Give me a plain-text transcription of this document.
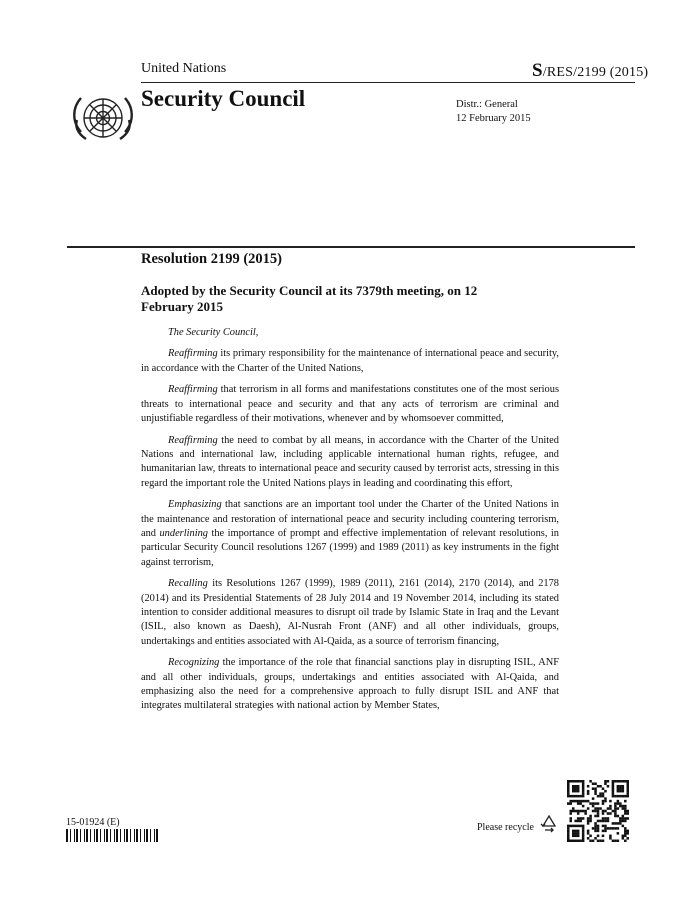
United Nations	S/RES/2199 (2015)
Security Council	Distr.: General
12 February 2015
Resolution 2199 (2015)
Adopted by the Security Council at its 7379th meeting, on 12 February 2015

The Security Council,

Reaffirming its primary responsibility for the maintenance of international peace and security, in accordance with the Charter of the United Nations,

Reaffirming that terrorism in all forms and manifestations constitutes one of the most serious threats to international peace and security and that any acts of terrorism are criminal and unjustifiable regardless of their motivations, whenever and by whomsoever committed,

Reaffirming the need to combat by all means, in accordance with the Charter of the United Nations and international law, including applicable international human rights, refugee, and humanitarian law, threats to international peace and security caused by terrorist acts, stressing in this regard the important role the United Nations plays in leading and coordinating this effort,

Emphasizing that sanctions are an important tool under the Charter of the United Nations in the maintenance and restoration of international peace and security including countering terrorism, and underlining the importance of prompt and effective implementation of relevant resolutions, in particular Security Council resolutions 1267 (1999) and 1989 (2011) as key instruments in the fight against terrorism,

Recalling its Resolutions 1267 (1999), 1989 (2011), 2161 (2014), 2170 (2014), and 2178 (2014) and its Presidential Statements of 28 July 2014 and 19 November 2014, including its stated intention to consider additional measures to disrupt oil trade by Islamic State in Iraq and the Levant (ISIL, also known as Daesh), Al-Nusrah Front (ANF) and all other individuals, groups, undertakings and entities associated with Al-Qaida, as a source of terrorism financing,

Recognizing the importance of the role that financial sanctions play in disrupting ISIL, ANF and all other individuals, groups, undertakings and entities associated with Al-Qaida, and emphasizing also the need for a comprehensive approach to fully disrupt ISIL and ANF that integrates multilateral strategies with national action by Member States,

15-01924 (E)	Please recycle
